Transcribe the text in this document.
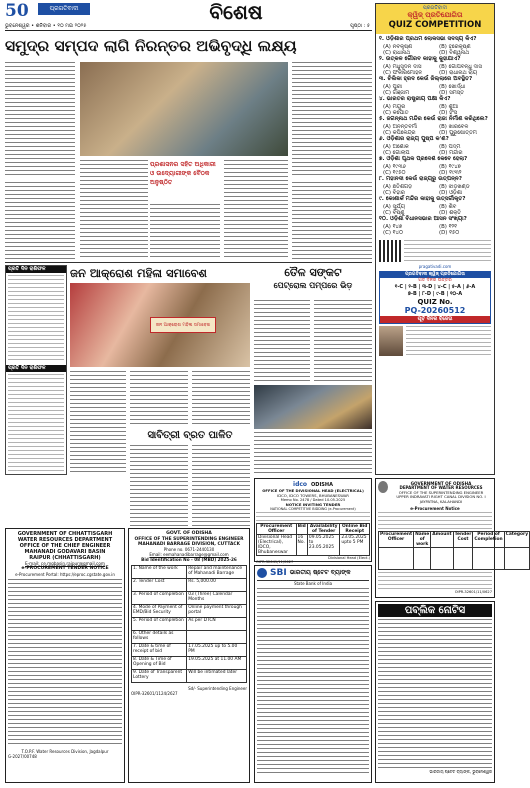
50	ପ୍ରଗତିବାଦୀ	ବିଶେଷ
ଭୁବନେଶ୍ୱର • ଶନିବାର • ୧୦ ମଇ ୨୦୨୫	ପୃଷ୍ଠା : ୫
ସମୁଦ୍ର ସମ୍ପଦ ଲାଗି ନିରନ୍ତର ଅଭିବୃଦ୍ଧି ଲକ୍ଷ୍ୟ
ପ୍ରଶାସନର ସହିତ ଅଧିକାରୀ ଓ ଉଦ୍ୟୋଗୀଙ୍କ ବୈଠକ ଅନୁଷ୍ଠିତ
ପ୍ରତି ଦିନ ରାଶିଫଳ
ପ୍ରତି ଦିନ ରାଶିଫଳ
ଜନ ଆକ୍ରୋଶ ମହିଳା ସମାବେଶ
ଜନ ଆକ୍ରୋଶ ମହିଳା ସମାବେଶ
ସାବିତ୍ରୀ ବ୍ରତ ପାଳିତ
ତୈଳ ସଙ୍କଟ
ପେଟ୍ରୋଲ ପମ୍ପରେ ଭିଡ଼
idco ODISHA
OFFICE OF THE DIVISIONAL HEAD (ELECTRICAL)
IDCO, IDCO TOWERS, BHUBANESWAR
Memo No. 2478 / Dated 10.05.2025
NOTICE INVITING TENDER
NATIONAL COMPETITIVE BIDDING (e-Procurement)
Procurement Officer	Bid	Availability of Tender	Online Bid Receipt
Divisional Head (Electrical), IDCO, Bhubaneswar	16 No.	09.05.2025 to 23.05.2025	23.05.2025 upto 5 PM
Divisional Head (Elect.)
OIPR-32641/11/0627
GOVERNMENT OF CHHATTISGARH
WATER RESOURCES DEPARTMENT
OFFICE OF THE CHIEF ENGINEER
MAHANADI GODAVARI BASIN
RAIPUR (CHHATTISGARH)
E-mail: ce.mgbasin.raipur@gmail.com
e-PROCUREMENT TENDER NOTICE
e-Procurement Portal: https://eproc.cgstate.gov.in
T.O.P.F. Water Resources Division, Jagdalpur
G-2027/00748
GOVT. OF ODISHA
OFFICE OF THE SUPERINTENDING ENGINEER
MAHANADI BARRAGE DIVISION, CUTTACK
Phone no. 0671-2440130
Email: eemahanadibarrage@gmail.com
Bid Identification No - 08 (MBD) 2025-26
1. Name of the work	Repair and maintenance of Mahanadi Barrage
2. Tender Cost	Rs. 5,000.00
3. Period of completion	03 (Three) Calendar Months
4. Mode of Payment of EMD/Bid Security	Online payment through portal
5. Period of completion	As per DTCN
6. Other details as follows	
7. Date & time of receipt of bid	17.05.2025 up to 5.00 PM
8. Date & Time of Opening of Bid	19.05.2025 at 11.00 AM
9. Date of Transparent Lottery	Will be intimated later
Sd/- Superintending Engineer
OIPR-32601/1124/2627
GOVERNMENT OF ODISHA
DEPARTMENT OF WATER RESOURCES
OFFICE OF THE SUPERINTENDING ENGINEER
UPPER INDRAVATI RIGHT CANAL DIVISION NO. I
JAYPATNA, KALAHANDI
e-Procurement Notice
Procurement Officer	Name of work	Amount	Tender Cost	Period of Completion	Category

OIPR-32601/11/0627
SBI ଭାରତୀୟ ଷ୍ଟେଟ ବ୍ୟାଙ୍କ
State Bank of India
ପବ୍ଲିକ ନୋଟିସ
ଭାରତୀୟ ଷ୍ଟେଟ ବ୍ୟାଙ୍କ, ଭୁବନେଶ୍ୱର
ପ୍ରଗତିବାଦୀ
କ୍ୱିଜ୍ ପ୍ରତିଯୋଗିତା
QUIZ COMPETITION
୧. ଓଡ଼ିଶାର ପ୍ରଥମ ଲୋକସଭା ସଦସ୍ୟ କିଏ?
(A) ନବକୃଷ୍ଣ	(B) ହରେକୃଷ୍ଣ
(C) ରାଧାନାଥ	(D) ବିଶ୍ୱନାଥ
୨. ଉତ୍କଳ ଗୌରବ କାହାକୁ କୁହାଯାଏ?
(A) ମଧୁସୂଦନ ଦାସ	(B) ଗୋପବନ୍ଧୁ ଦାସ
(C) ଫକୀରମୋହନ	(D) ରାଧାନାଥ ରାୟ
୩. ଚିଲିକା ହ୍ରଦ କେଉଁ ଜିଲ୍ଲାରେ ଅବସ୍ଥିତ?
(A) ପୁରୀ	(B) ଖୋର୍ଦ୍ଧା
(C) ଗଞ୍ଜାମ	(D) ସମସ୍ତ
୪. ଭାରତର ରାଷ୍ଟ୍ରୀୟ ପକ୍ଷୀ କିଏ?
(A) ମୟୂର	(B) ଶୁଆ
(C) କପୋତ	(D) ହଂସ
୫. ଜଗନ୍ନାଥ ମନ୍ଦିର କେଉଁ ରାଜା ନିର୍ମାଣ କରିଥିଲେ?
(A) ଅନନ୍ତବର୍ମା	(B) ଖାରବେଳ
(C) କପିଳେନ୍ଦ୍ର	(D) ପୁରୁଷୋତ୍ତମ
୬. ଓଡ଼ିଶାର ରାଜ୍ୟ ପୁଷ୍ପ କ'ଣ?
(A) ଅଶୋକ	(B) ପଦ୍ମ
(C) ଗୋଲାପ	(D) ମନ୍ଦାର
୭. ଓଡ଼ିଶା ପୃଥକ ପ୍ରଦେଶ କେବେ ହେଲା?
(A) ୧୯୩୬	(B) ୧୯୪୭
(C) ୧୯୫୦	(D) ୧୯୩୨
୮. ମହାନଦୀ କେଉଁ ରାଜ୍ୟରୁ ଉତ୍ପନ୍ନ?
(A) ଛତିଶଗଡ଼	(B) ଝାଡ଼ଖଣ୍ଡ
(C) ବିହାର	(D) ଓଡ଼ିଶା
୯. କୋଣାର୍କ ମନ୍ଦିର କାହାକୁ ଉତ୍ସର୍ଗୀକୃତ?
(A) ସୂର୍ଯ୍ୟ	(B) ଶିବ
(C) ବିଷ୍ଣୁ	(D) ଶକ୍ତି
୧୦. ଓଡ଼ିଶା ବିଧାନସଭାର ଆସନ ସଂଖ୍ୟା?
(A) ୧୪୭	(B) ୧୨୧
(C) ୧୪୦	(D) ୧୫୦
pragativadi.com
ପ୍ରଗତିବାଦୀ କ୍ୱିଜ୍ ପ୍ରତିଯୋଗିତା
ଗତ ଦିନର ଉତ୍ତର
୧-C | ୨-B | ୩-D | ୪-C | ୫-A | ୬-A
୭-B | ୮-D | ୯-B | ୧୦-A
QUIZ No.
PQ-20260512
ପୂର୍ବ ଦିନର ବିଜେତା
